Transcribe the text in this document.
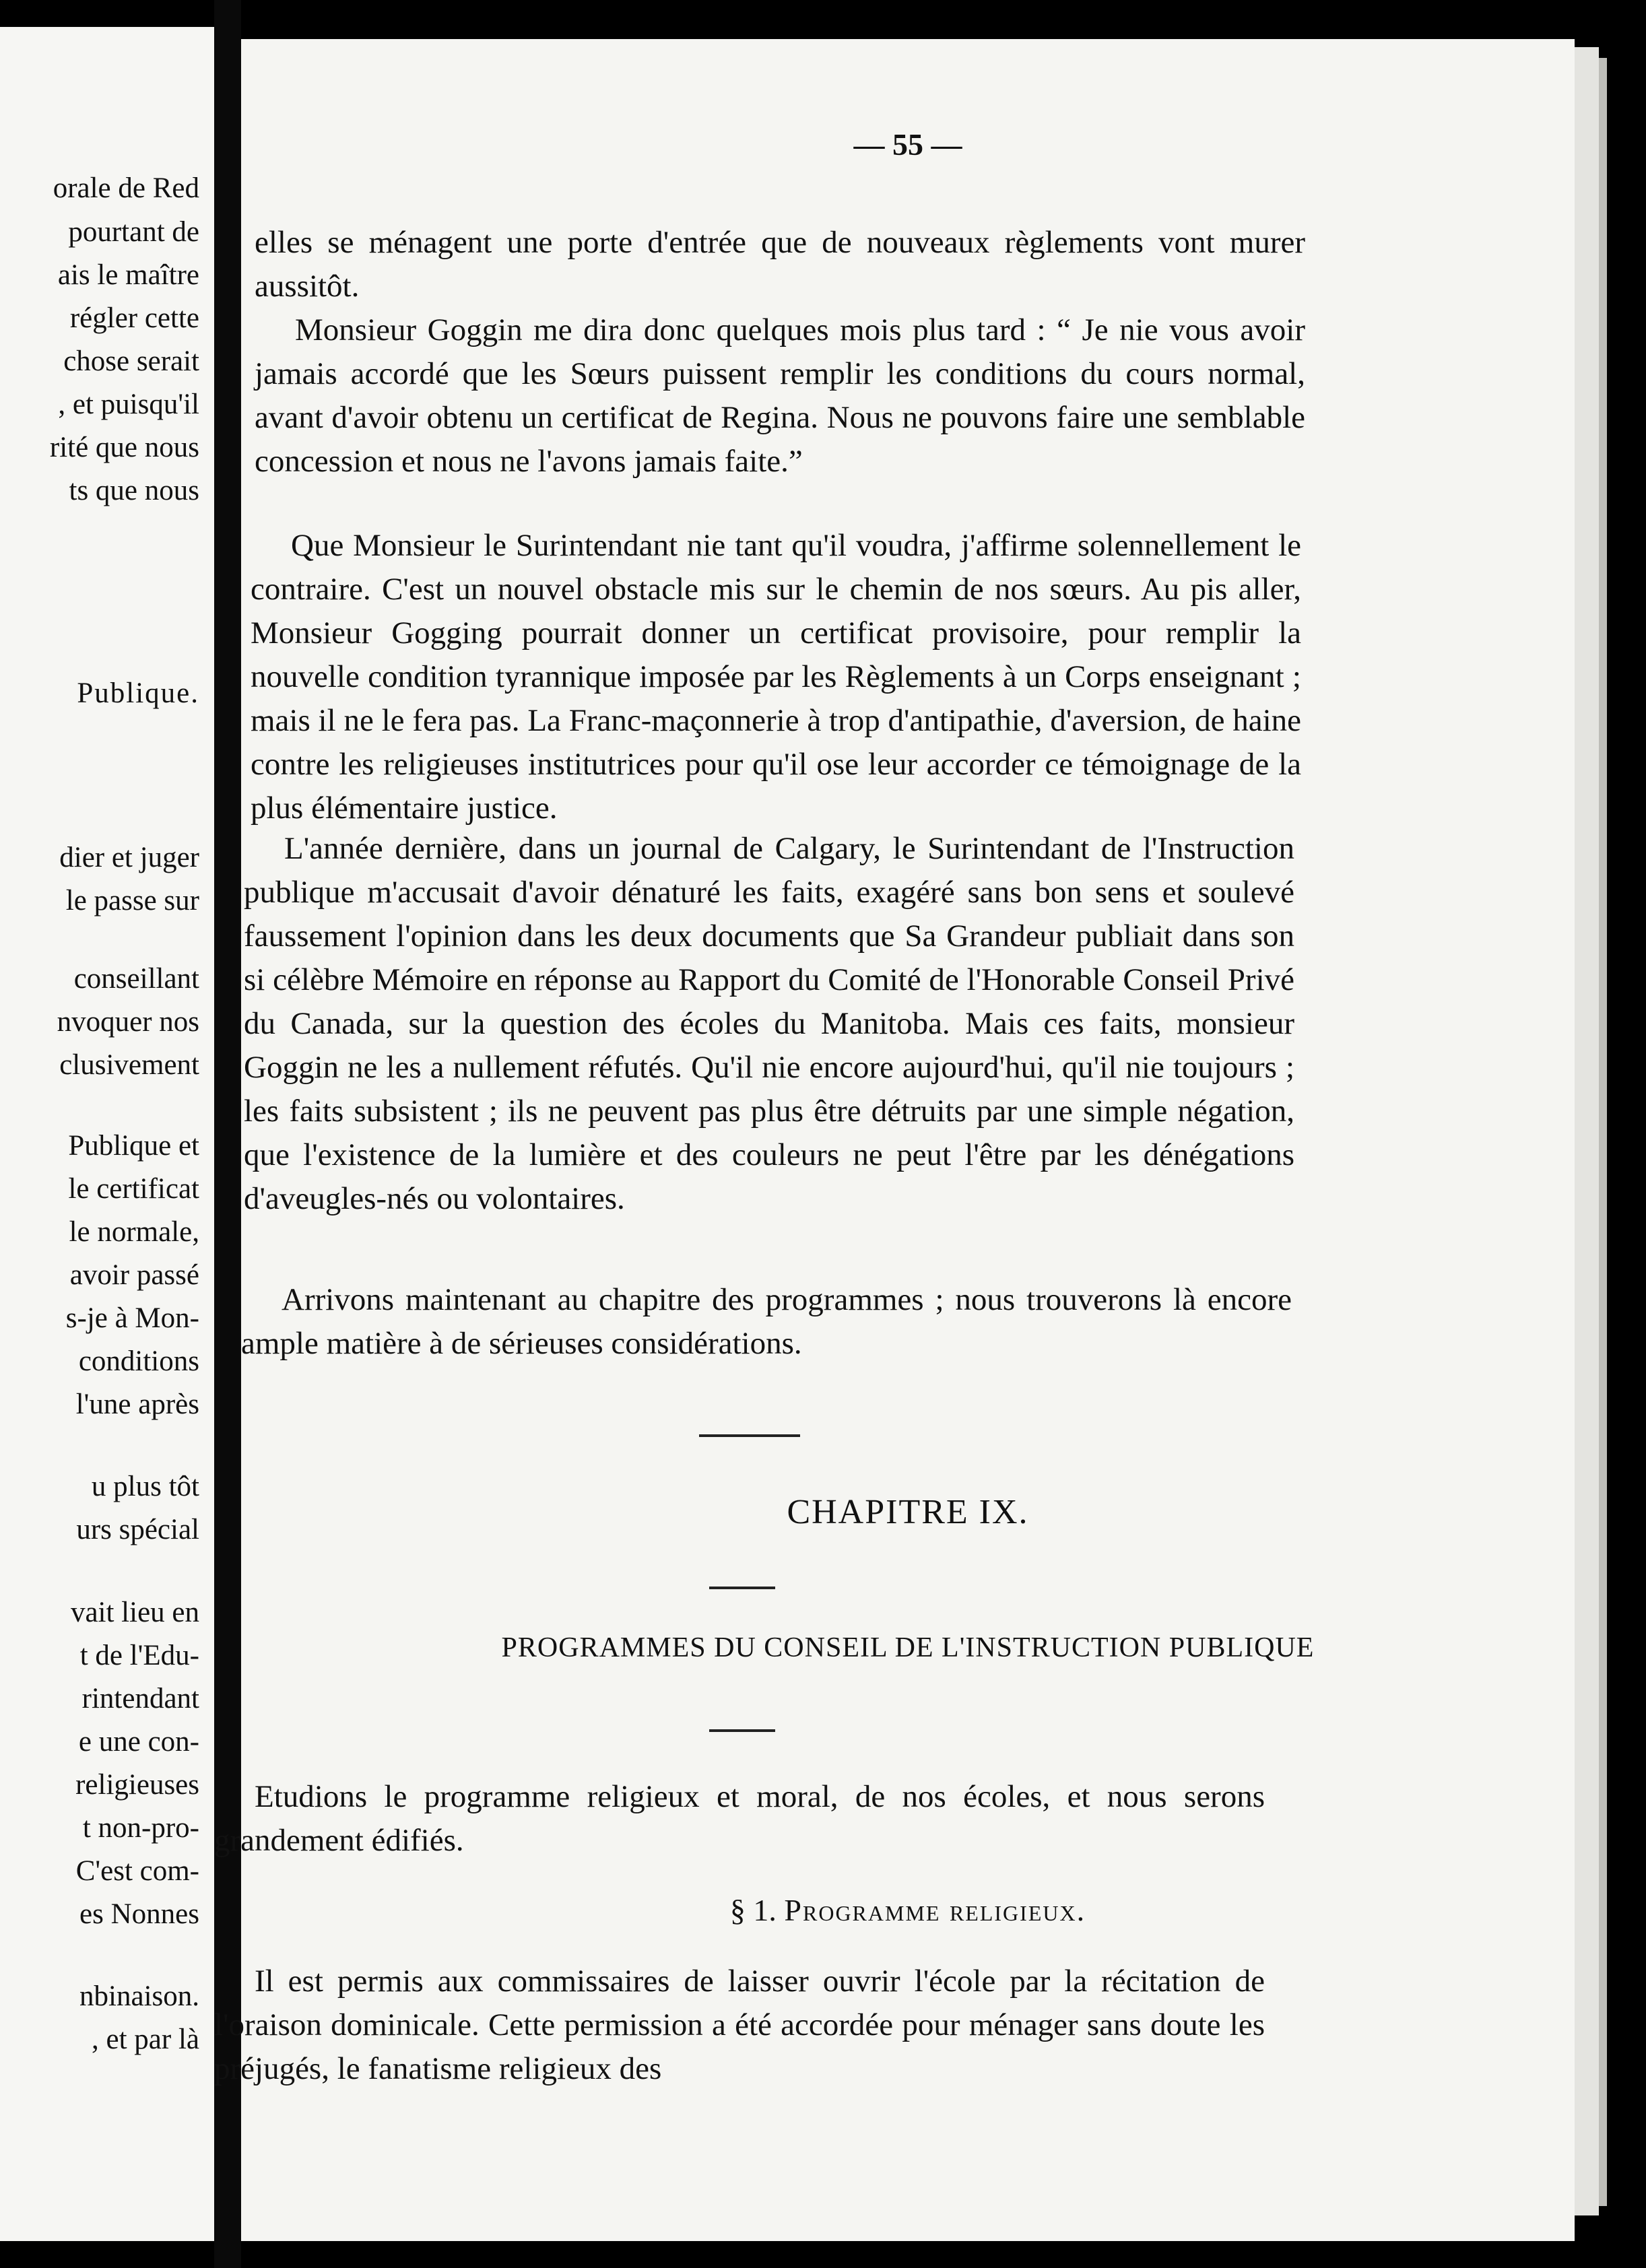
orale de Red
pourtant de
ais le maître
régler cette
chose serait
, et puisqu'il
rité que nous
ts que nous
Publique.
dier et juger
le passe sur
conseillant
nvoquer nos
clusivement
Publique et
le certificat
le normale,
avoir passé
s-je à Mon-
conditions
l'une après
u plus tôt
urs spécial
vait lieu en
t de l'Edu-
rintendant
e une con-
religieuses
t non-pro-
C'est com-
es Nonnes
nbinaison.
, et par là
— 55 —

elles se ménagent une porte d'entrée que de nouveaux règlements vont murer aussitôt.

Monsieur Goggin me dira donc quelques mois plus tard : “ Je nie vous avoir jamais accordé que les Sœurs puissent remplir les conditions du cours normal, avant d'avoir obtenu un certificat de Regina. Nous ne pouvons faire une semblable concession et nous ne l'avons jamais faite.”

Que Monsieur le Surintendant nie tant qu'il voudra, j'affirme solennellement le contraire. C'est un nouvel obstacle mis sur le chemin de nos sœurs. Au pis aller, Monsieur Gogging pourrait donner un certificat provisoire, pour remplir la nouvelle condition tyrannique imposée par les Règlements à un Corps enseignant ; mais il ne le fera pas. La Franc-maçonnerie à trop d'antipathie, d'aversion, de haine contre les religieuses institutrices pour qu'il ose leur accorder ce témoignage de la plus élémentaire justice.

L'année dernière, dans un journal de Calgary, le Surintendant de l'Instruction publique m'accusait d'avoir dénaturé les faits, exagéré sans bon sens et soulevé faussement l'opinion dans les deux documents que Sa Grandeur publiait dans son si célèbre Mémoire en réponse au Rapport du Comité de l'Honorable Conseil Privé du Canada, sur la question des écoles du Manitoba. Mais ces faits, monsieur Goggin ne les a nullement réfutés. Qu'il nie encore aujourd'hui, qu'il nie toujours ; les faits subsistent ; ils ne peuvent pas plus être détruits par une simple négation, que l'existence de la lumière et des couleurs ne peut l'être par les dénégations d'aveugles-nés ou volontaires.

Arrivons maintenant au chapitre des programmes ; nous trouverons là encore ample matière à de sérieuses considérations.

CHAPITRE IX.
PROGRAMMES DU CONSEIL DE L'INSTRUCTION PUBLIQUE

Etudions le programme religieux et moral, de nos écoles, et nous serons grandement édifiés.

§ 1. Programme religieux.

Il est permis aux commissaires de laisser ouvrir l'école par la récitation de l'oraison dominicale. Cette permission a été accordée pour ménager sans doute les préjugés, le fanatisme religieux des
